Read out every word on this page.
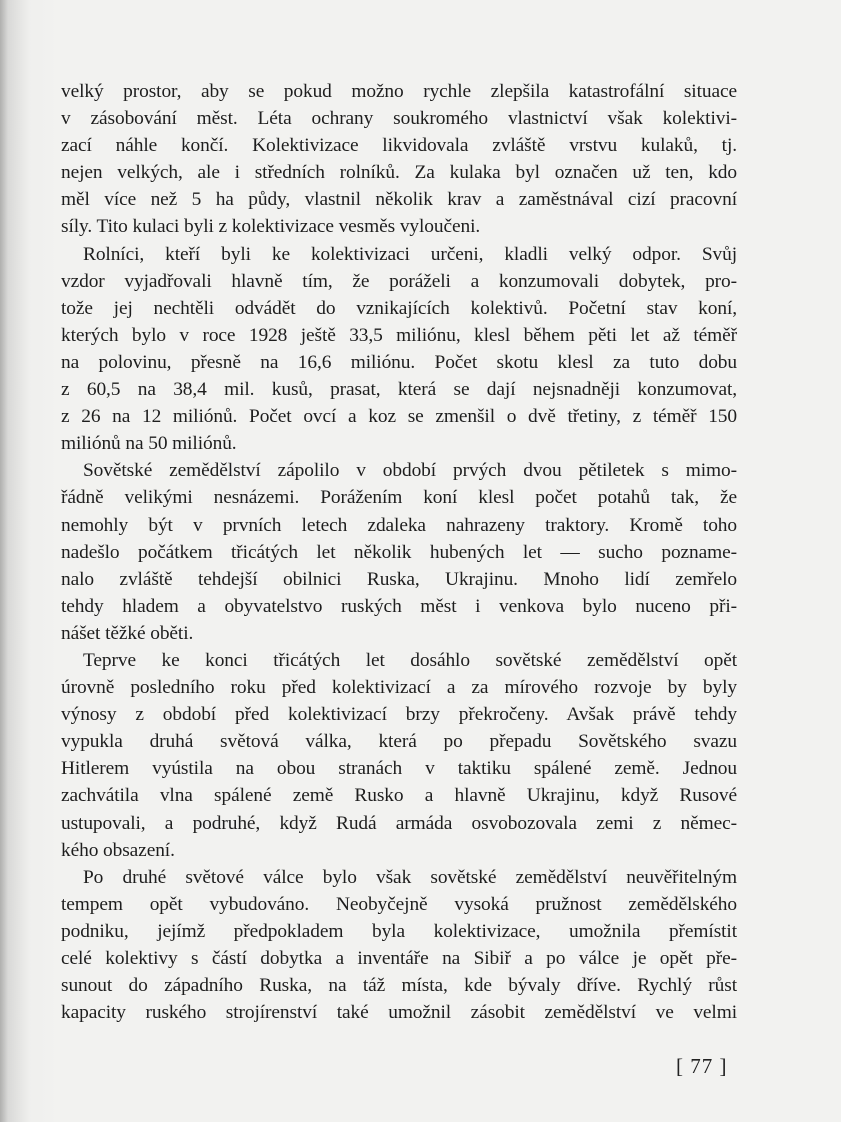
velký prostor, aby se pokud možno rychle zlepšila katastrofální situace
v zásobování měst. Léta ochrany soukromého vlastnictví však kolektivi-
zací náhle končí. Kolektivizace likvidovala zvláště vrstvu kulaků, tj.
nejen velkých, ale i středních rolníků. Za kulaka byl označen už ten, kdo
měl více než 5 ha půdy, vlastnil několik krav a zaměstnával cizí pracovní
síly. Tito kulaci byli z kolektivizace vesměs vyloučeni.
Rolníci, kteří byli ke kolektivizaci určeni, kladli velký odpor. Svůj
vzdor vyjadřovali hlavně tím, že poráželi a konzumovali dobytek, pro-
tože jej nechtěli odvádět do vznikajících kolektivů. Početní stav koní,
kterých bylo v roce 1928 ještě 33,5 miliónu, klesl během pěti let až téměř
na polovinu, přesně na 16,6 miliónu. Počet skotu klesl za tuto dobu
z 60,5 na 38,4 mil. kusů, prasat, která se dají nejsnadněji konzumovat,
z 26 na 12 miliónů. Počet ovcí a koz se zmenšil o dvě třetiny, z téměř 150
miliónů na 50 miliónů.
Sovětské zemědělství zápolilo v období prvých dvou pětiletek s mimo-
řádně velikými nesnázemi. Porážením koní klesl počet potahů tak, že
nemohly být v prvních letech zdaleka nahrazeny traktory. Kromě toho
nadešlo počátkem třicátých let několik hubených let — sucho poznamе-
nalo zvláště tehdejší obilnici Ruska, Ukrajinu. Mnoho lidí zemřelo
tehdy hladem a obyvatelstvo ruských měst i venkova bylo nuceno při-
nášet těžké oběti.
Teprve ke konci třicátých let dosáhlo sovětské zemědělství opět
úrovně posledního roku před kolektivizací a za mírového rozvoje by byly
výnosy z období před kolektivizací brzy překročeny. Avšak právě tehdy
vypukla druhá světová válka, která po přepadu Sovětského svazu
Hitlerem vyústila na obou stranách v taktiku spálené země. Jednou
zachvátila vlna spálené země Rusko a hlavně Ukrajinu, když Rusové
ustupovali, a podruhé, když Rudá armáda osvobozovala zemi z němec-
kého obsazení.
Po druhé světové válce bylo však sovětské zemědělství neuvěřitelným
tempem opět vybudováno. Neobyčejně vysoká pružnost zemědělského
podniku, jejímž předpokladem byla kolektivizace, umožnila přemístit
celé kolektivy s částí dobytka a inventáře na Sibiř a po válce je opět pře-
sunout do západního Ruska, na táž místa, kde bývaly dříve. Rychlý růst
kapacity ruského strojírenství také umožnil zásobit zemědělství ve velmi
[ 77 ]
